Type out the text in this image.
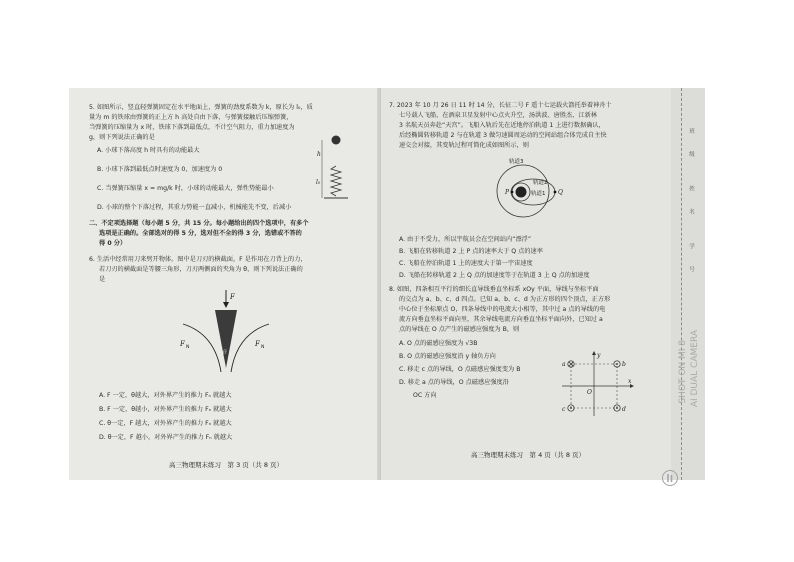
5. 如图所示，竖直轻弹簧固定在水平地面上，弹簧的劲度系数为 k，原长为 l₀，质
量为 m 的铁球由弹簧的正上方 h 高处自由下落，与弹簧接触后压缩弹簧，
当弹簧的压缩量为 x 时，铁球下落到最低点，不计空气阻力，重力加速度为
g，则下列说法正确的是
A. 小球下落高度 h 时具有的动能最大
B. 小球下落到最低点时速度为 0，加速度为 0
C. 当弹簧压缩量 x = mg/k 时，小球的动能最大，弹性势能最小
D. 小球的整个下落过程，其重力势能一直减小，机械能先不变，后减小
h
l₀
二、不定项选择题（每小题 5 分，共 15 分。每小题给出的四个选项中，有多个
选项是正确的。全部选对的得 5 分，选对但不全的得 3 分，选错或不答的
得 0 分）
6. 生活中经常用刀来劈开物体。图中是刀刃的横截面，F 是作用在刀背上的力，
若刀刃的横截面是等腰三角形，刀刃两侧面的夹角为 θ，则下列说法正确的
是
F
θ
F N	F N
A. F 一定，θ越大，对外界产生的推力 Fₙ 就越大
B. F 一定，θ越小，对外界产生的推力 Fₙ 就越大
C. θ一定，F 越大，对外界产生的推力 Fₙ 就越大
D. θ一定，F 越小，对外界产生的推力 Fₙ 就越大
高三物理期末练习　第 3 页（共 8 页）
7. 2023 年 10 月 26 日 11 时 14 分，长征二号 F 遥十七运载火箭托举着神舟十
七号载人飞船，在酒泉卫星发射中心点火升空，汤洪波、唐胜杰、江新林
3 名航天员奔赴“天宫”。飞船入轨后先在近地停泊轨道 1 上进行数据确认，
后经椭圆转移轨道 2 与在轨道 3 做匀速圆周运动的空间站组合体完成自主快
速交会对接，其变轨过程可简化成如图所示，则
轨道3
轨道2
轨道1
P	Q
A. 由于不受力，所以宇航员会在空间站内“漂浮”
B. 飞船在转移轨道 2 上 P 点的速率大于 Q 点的速率
C. 飞船在停泊轨道 1 上的速度大于第一宇宙速度
D. 飞船在转移轨道 2 上 Q 点的加速度等于在轨道 3 上 Q 点的加速度
8. 如图，四条相互平行的细长直导线垂直坐标系 xOy 平面，导线与坐标平面
的交点为 a、b、c、d 四点。已知 a、b、c、d 为正方形的四个顶点，正方形
中心位于坐标原点 O，四条导线中的电流大小相等，其中过 a 点的导线的电
流方向垂直坐标平面向里，其余导线电流方向垂直坐标平面向外，已知过 a
点的导线在 O 点产生的磁感应强度为 B，则
A. O 点的磁感应强度为 √3B
B. O 点的磁感应强度沿 y 轴负方向
C. 移走 c 点的导线，O 点磁感应强度变为 B
D. 移走 a 点的导线，O 点磁感应强度沿
OC 方向
a	b
c	d
O
x
y
高三物理期末练习　第 4 页（共 8 页）
班　级　　姓　名　　学　号
SHOT ON MI 8 AI DUAL CAMERA
